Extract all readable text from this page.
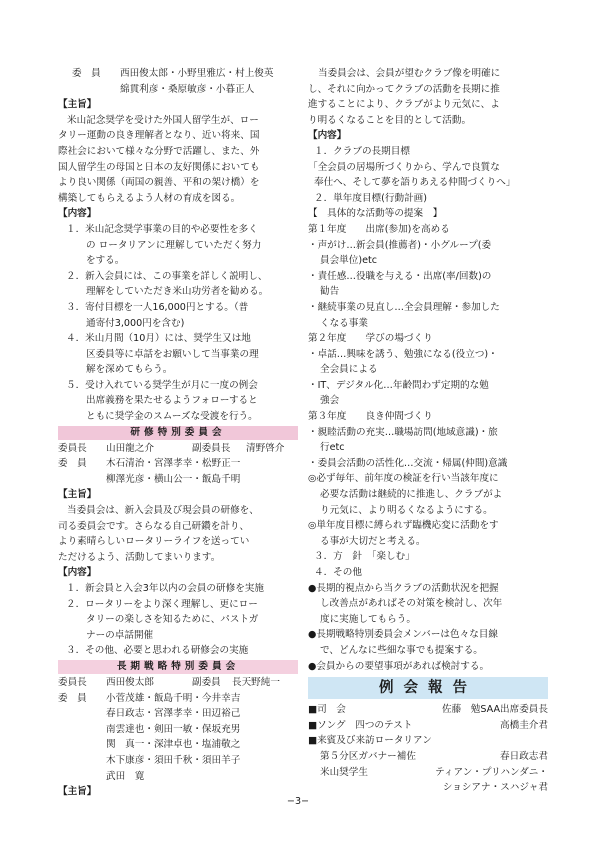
委　員 西田俊太郎・小野里雅広・村上俊英
綿貫利彦・桑原敏彦・小暮正人
【主旨】
米山記念奨学を受けた外国人留学生が、ロー
タリー運動の良き理解者となり、近い将来、国
際社会において様々な分野で活躍し、また、外
国人留学生の母国と日本の友好関係においても
より良い関係（両国の親善、平和の架け橋）を
構築してもらえるよう人材の育成を図る。
【内容】
１．米山記念奨学事業の目的や必要性を多く
の ロータリアンに理解していただく努力
をする。
２．新入会員には、この事業を詳しく説明し、
理解をしていただき米山功労者を勧める。
３．寄付目標を一人16,000円とする。（普
通寄付3,000円を含む)
４．米山月間（10月）には、奨学生又は地
区委員等に卓話をお願いして当事業の理
解を深めてもらう。
５．受け入れている奨学生が月に一度の例会
出席義務を果たせるようフォローすると
ともに奨学金のスムーズな受渡を行う。
研修特別委員会
委員長 山田龍之介	副委員長 清野啓介
委　員 木石清治・宮澤孝幸・松野正一
柳澤光彦・横山公一・飯島千明
【主旨】
当委員会は、新入会員及び現会員の研修を、
司る委員会です。さらなる自己研鑽を計り、
より素晴らしいロータリーライフを送ってい
ただけるよう、活動してまいります。
【内容】
１．新会員と入会3年以内の会員の研修を実施
２．ロータリーをより深く理解し、更にロー
タリーの楽しさを知るために、パストガ
ナーの卓話開催
３．その他、必要と思われる研修会の実施
長期戦略特別委員会
委員長 西田俊太郎	副委員 長天野純一
委　員 小菅茂雄・飯島千明・今井幸吉
春日政志・宮澤孝幸・田辺裕己
南雲達也・剣田一敏・保坂充男
関　真一・深津卓也・塩浦敬之
木下康彦・須田千秋・須田羊子
武田　寛
【主旨】
当委員会は、会員が望むクラブ像を明確に
し、それに向かってクラブの活動を長期に推
進することにより、クラブがより元気に、よ
り明るくなることを目的として活動。
【内容】
１．クラブの長期目標
「全会員の居場所づくりから、学んで良質な
奉仕へ、そして夢を語りあえる仲間づくりへ」
２．単年度目標(行動計画)
【　具体的な活動等の提案　】
第１年度　　出席(参加)を高める
・声がけ…新会員(推薦者)・小グループ(委
員会単位)etc
・責任感…役職を与える・出席(率/回数)の
勧告
・継続事業の見直し…全会員理解・参加した
くなる事業
第２年度　　学びの場づくり
・卓話…興味を誘う、勉強になる(役立つ)・
全会員による
・IT、デジタル化…年齢問わず定期的な勉
強会
第３年度　　良き仲間づくり
・親睦活動の充実…職場訪問(地域意識)・旅
行etc
・委員会活動の活性化…交流・帰属(仲間)意識
◎必ず毎年、前年度の検証を行い当該年度に
必要な活動は継続的に推進し、クラブがよ
り元気に、より明るくなるようにする。
◎単年度目標に縛られず臨機応変に活動をす
る事が大切だと考える。
３．方　針　「楽しむ」
４．その他
●長期的視点から当クラブの活動状況を把握
し改善点があればその対策を検討し、次年
度に実施してもらう。
●長期戦略特別委員会メンバーは色々な目線
で、どんなに些細な事でも提案する。
●会員からの要望事項があれば検討する。
例会報告
■司　会	佐藤　勉SAA出席委員長
■ソング　四つのテスト	高橋圭介君
■来賓及び来訪ロータリアン
第５分区ガバナー補佐	春日政志君
米山奨学生	ティアン・プリハンダニ・
ショシアナ・スハジャ君
−3−
